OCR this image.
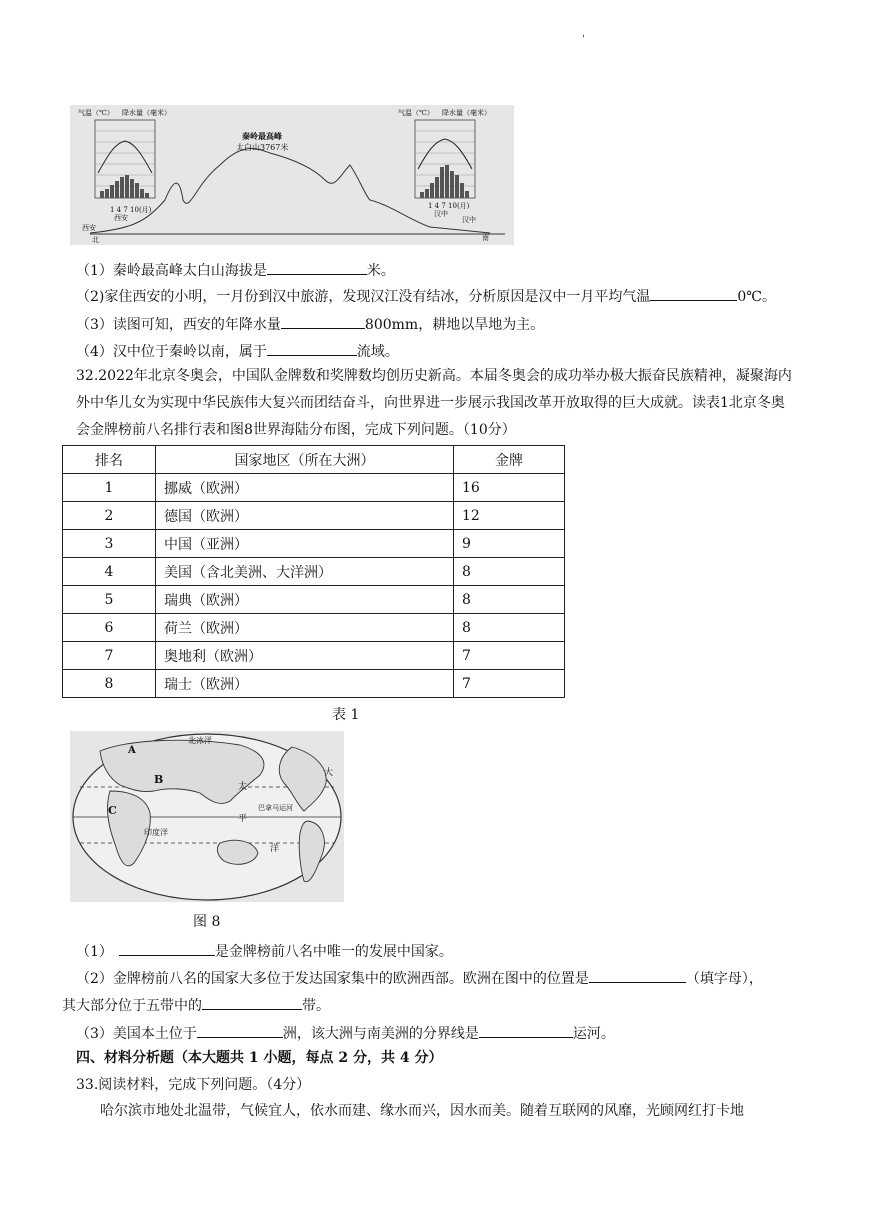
'
气温（℃） 降水量（毫米）
1 4 7 10(月)
西安
气温（℃） 降水量（毫米）
1 4 7 10(月)
汉中
秦岭最高峰
太白山3767米
西安
汉中
北	南
（1）秦岭最高峰太白山海拔是	米。
（2)家住西安的小明，一月份到汉中旅游，发现汉江没有结冰，分析原因是汉中一月平均气温	0℃。
（3）读图可知，西安的年降水量	800mm，耕地以旱地为主。
（4）汉中位于秦岭以南，属于	流域。
32.2022年北京冬奥会，中国队金牌数和奖牌数均创历史新高。本届冬奥会的成功举办极大振奋民族精神，凝聚海内外中华儿女为实现中华民族伟大复兴而团结奋斗，向世界进一步展示我国改革开放取得的巨大成就。读表1北京冬奥会金牌榜前八名排行表和图8世界海陆分布图，完成下列问题。（10分）
排名	国家地区（所在大洲）	金牌
1	挪威（欧洲）	16
2	德国（欧洲）	12
3	中国（亚洲）	9
4	美国（含北美洲、大洋洲）	8
5	瑞典（欧洲）	8
6	荷兰（欧洲）	8
7	奥地利（欧洲）	7
8	瑞士（欧洲）	7
表 1
北冰洋
A
B
C
太
大
平
印度洋
巴拿马运河
洋
图 8
（1）	是金牌榜前八名中唯一的发展中国家。
（2）金牌榜前八名的国家大多位于发达国家集中的欧洲西部。欧洲在图中的位置是	（填字母），
其大部分位于五带中的	带。
（3）美国本土位于	洲，该大洲与南美洲的分界线是	运河。
四、材料分析题（本大题共 1 小题，每点 2 分，共 4 分）
33.阅读材料，完成下列问题。（4分）
哈尔滨市地处北温带，气候宜人，依水而建、缘水而兴，因水而美。随着互联网的风靡，光顾网红打卡地
